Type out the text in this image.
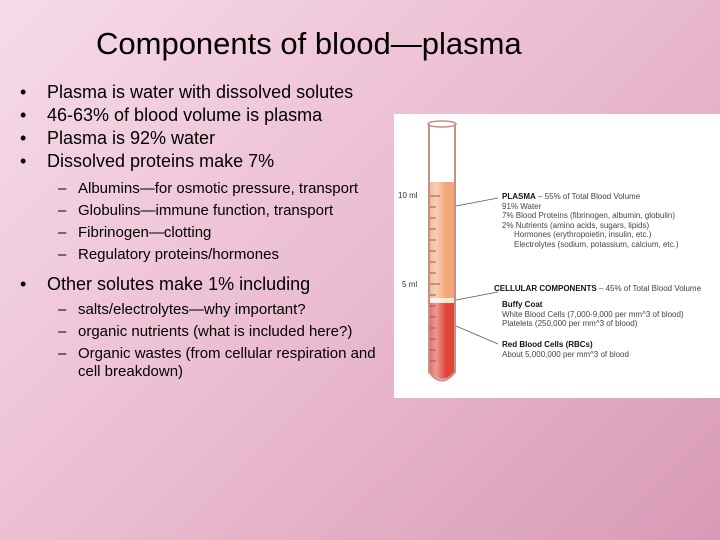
Components of blood—plasma
•	Plasma is water with dissolved solutes
•	46-63% of blood volume is plasma
•	Plasma is 92% water
•	Dissolved proteins make 7%
– Albumins—for osmotic pressure, transport
– Globulins—immune function, transport
– Fibrinogen—clotting
– Regulatory proteins/hormones
•	Other solutes make 1% including
– salts/electrolytes—why important?
– organic nutrients (what is included here?)
– Organic wastes (from cellular respiration and cell breakdown)
10 ml
5 ml
PLASMA – 55% of Total Blood Volume
91% Water
7% Blood Proteins (fibrinogen, albumin, globulin)
2% Nutrients (amino acids, sugars, lipids)
Hormones (erythropoietin, insulin, etc.)
Electrolytes (sodium, potassium, calcium, etc.)
CELLULAR COMPONENTS – 45% of Total Blood Volume
Buffy Coat
White Blood Cells (7,000-9,000 per mm^3 of blood)
Platelets (250,000 per mm^3 of blood)
Red Blood Cells (RBCs)
About 5,000,000 per mm^3 of blood
